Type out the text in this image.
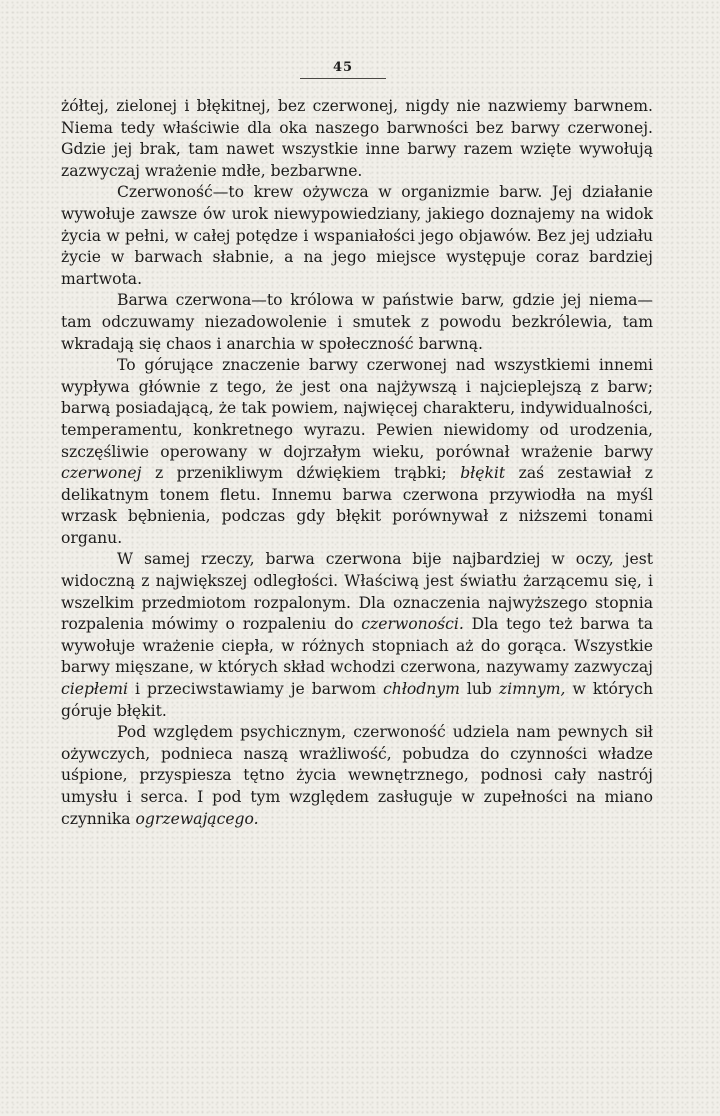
45

żółtej, zielonej i błękitnej, bez czerwonej, nigdy nie nazwiemy barwnem. Niema tedy właściwie dla oka naszego barwności bez barwy czerwonej. Gdzie jej brak, tam nawet wszystkie inne barwy razem wzięte wywołują zazwyczaj wrażenie mdłe, bezbarwne.

Czerwoność—to krew ożywcza w organizmie barw. Jej działanie wywołuje zawsze ów urok niewypowiedziany, jakiego doznajemy na widok życia w pełni, w całej potędze i wspaniałości jego objawów. Bez jej udziału życie w barwach słabnie, a na jego miejsce występuje coraz bardziej martwota.

Barwa czerwona—to królowa w państwie barw, gdzie jej niema—tam odczuwamy niezadowolenie i smutek z powodu bezkrólewia, tam wkradają się chaos i anarchia w społeczność barwną.

To górujące znaczenie barwy czerwonej nad wszystkiemi innemi wypływa głównie z tego, że jest ona najżywszą i najcieplejszą z barw; barwą posiadającą, że tak powiem, najwięcej charakteru, indywidualności, temperamentu, konkretnego wyrazu. Pewien niewidomy od urodzenia, szczęśliwie operowany w dojrzałym wieku, porównał wrażenie barwy czerwonej z przenikliwym dźwiękiem trąbki; błękit zaś zestawiał z delikatnym tonem fletu. Innemu barwa czerwona przywiodła na myśl wrzask bębnienia, podczas gdy błękit porównywał z niższemi tonami organu.

W samej rzeczy, barwa czerwona bije najbardziej w oczy, jest widoczną z największej odległości. Właściwą jest światłu żarzącemu się, i wszelkim przedmiotom rozpalonym. Dla oznaczenia najwyższego stopnia rozpalenia mówimy o rozpaleniu do czerwoności. Dla tego też barwa ta wywołuje wrażenie ciepła, w różnych stopniach aż do gorąca. Wszystkie barwy mięszane, w których skład wchodzi czerwona, nazywamy zazwyczaj ciepłemi i przeciwstawiamy je barwom chłodnym lub zimnym, w których góruje błękit.

Pod względem psychicznym, czerwoność udziela nam pewnych sił ożywczych, podnieca naszą wrażliwość, pobudza do czynności władze uśpione, przyspiesza tętno życia wewnętrznego, podnosi cały nastrój umysłu i serca. I pod tym względem zasługuje w zupełności na miano czynnika ogrzewającego.
